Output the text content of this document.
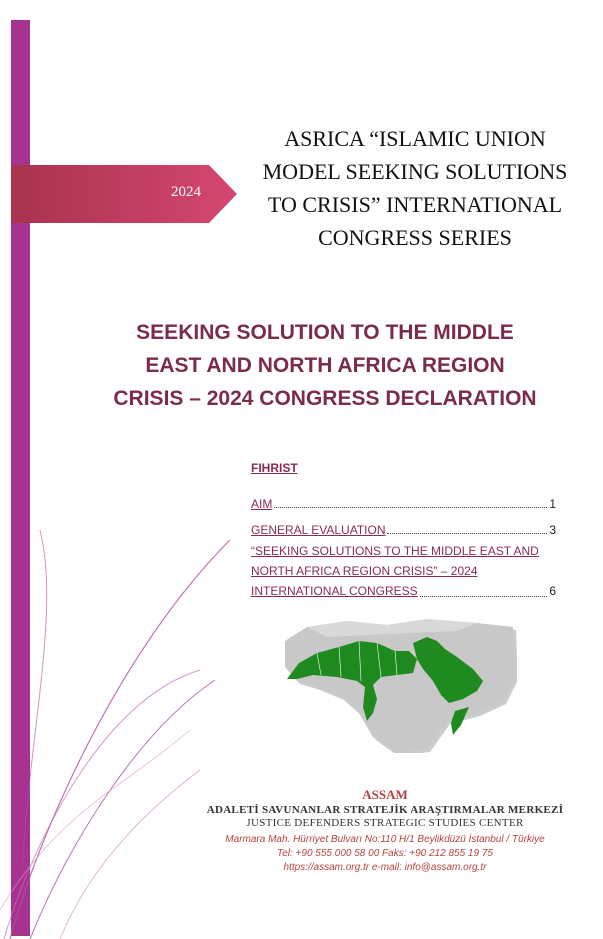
2024
ASRICA “ISLAMIC UNION
MODEL SEEKING SOLUTIONS
TO CRISIS” INTERNATIONAL
CONGRESS SERIES
SEEKING SOLUTION TO THE MIDDLE
EAST AND NORTH AFRICA REGION
CRISIS – 2024 CONGRESS DECLARATION
FIHRIST
AIM	1
GENERAL EVALUATION	3
“SEEKING SOLUTIONS TO THE MIDDLE EAST AND
NORTH AFRICA REGION CRISIS” – 2024
INTERNATIONAL CONGRESS	6
ASSAM
ADALETİ SAVUNANLAR STRATEJİK ARAŞTIRMALAR MERKEZİ
JUSTICE DEFENDERS STRATEGIC STUDIES CENTER
Marmara Mah. Hürriyet Bulvarı No:110 H/1 Beylikdüzü İstanbul / Türkiye
Tel: +90 555 000 58 00 Faks: +90 212 855 19 75
https://assam.org.tr e-mail: info@assam.org.tr
